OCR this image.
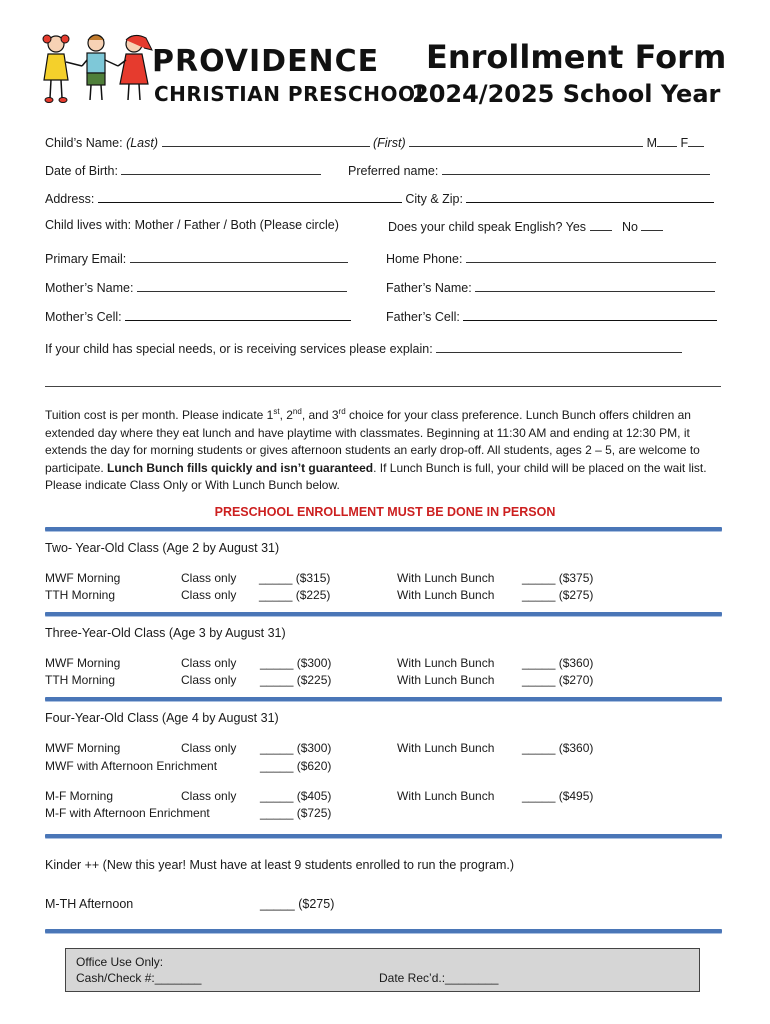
PROVIDENCE
CHRISTIAN PRESCHOOL
Enrollment Form
2024/2025 School Year
Child’s Name: (Last)	(First)	M F
Date of Birth:	Preferred name:
Address:	City & Zip:
Child lives with: Mother / Father / Both (Please circle)	Does your child speak English? Yes	No
Primary Email:	Home Phone:
Mother’s Name:	Father’s Name:
Mother’s Cell:	Father’s Cell:
If your child has special needs, or is receiving services please explain:
Tuition cost is per month. Please indicate 1st, 2nd, and 3rd choice for your class preference. Lunch Bunch offers children an extended day where they eat lunch and have playtime with classmates. Beginning at 11:30 AM and ending at 12:30 PM, it extends the day for morning students or gives afternoon students an early drop-off. All students, ages 2 – 5, are welcome to participate. Lunch Bunch fills quickly and isn’t guaranteed. If Lunch Bunch is full, your child will be placed on the wait list. Please indicate Class Only or With Lunch Bunch below.
PRESCHOOL ENROLLMENT MUST BE DONE IN PERSON
Two- Year-Old Class (Age 2 by August 31)
MWF Morning	Class only _____ ($315)	With Lunch Bunch _____ ($375)
TTH Morning	Class only _____ ($225)	With Lunch Bunch _____ ($275)
Three-Year-Old Class (Age 3 by August 31)
MWF Morning	Class only _____ ($300)	With Lunch Bunch _____ ($360)
TTH Morning	Class only _____ ($225)	With Lunch Bunch _____ ($270)
Four-Year-Old Class (Age 4 by August 31)
MWF Morning	Class only _____ ($300)	With Lunch Bunch _____ ($360)
MWF with Afternoon Enrichment	_____ ($620)
M-F Morning	Class only _____ ($405)	With Lunch Bunch _____ ($495)
M-F with Afternoon Enrichment	_____ ($725)
Kinder ++ (New this year! Must have at least 9 students enrolled to run the program.)
M-TH Afternoon	_____ ($275)
Office Use Only:
Cash/Check #:_______	Date Rec’d.:________
